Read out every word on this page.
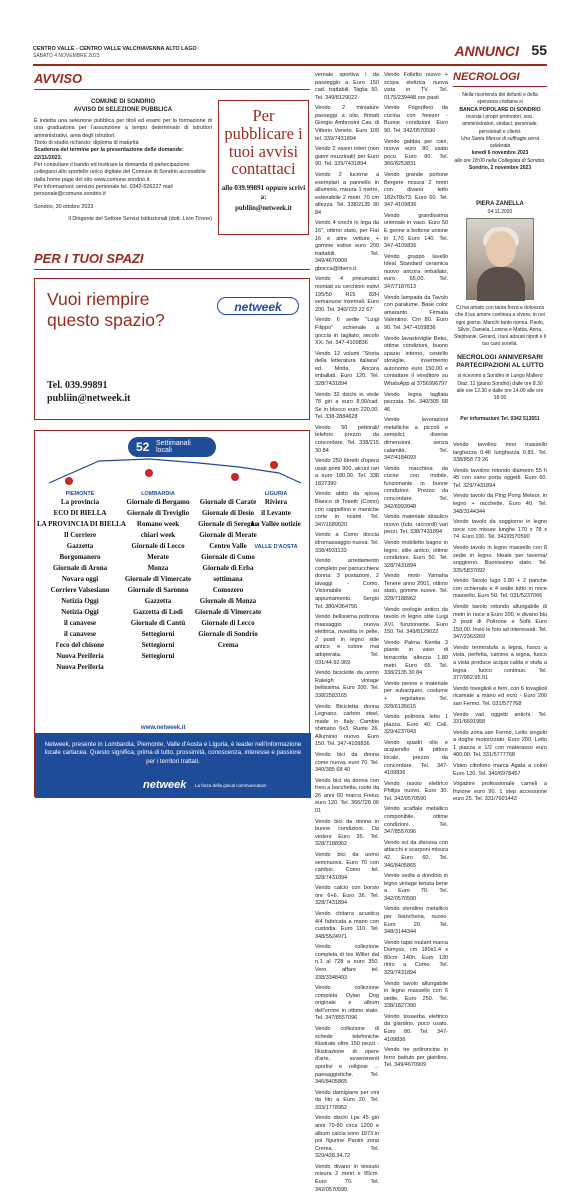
CENTRO VALLE - CENTRO VALLE VALCHIAVENNA ALTO LAGO
SABATO 4 NOVEMBRE 2023	ANNUNCI 55
AVVISO
COMUNE DI SONDRIO
AVVISO DI SELEZIONE PUBBLICA

È indetta una selezione pubblica per titoli ed esami per la formazione di una graduatoria per l'assunzione a tempo determinato di istruttori amministrativi, area degli istruttori.

Titolo di studio richiesto: diploma di maturità
Scadenza del termine per la presentazione delle domande: 22/11/2023.
Per consultare il bando ed inoltrare la domanda di partecipazione collegarsi allo sportello unico digitale del Comune di Sondrio accessibile dalla home page del sito www.comune.sondrio.it
Per informazioni: servizio personale tel. 0342-526227 mail personale@comune.sondrio.it
Sondrio, 30 ottobre 2023
Il Dirigente del Settore Servizi Istituzionali (dott. Livio Tirone)
Per pubblicare i tuoi avvisi contattaci
allo 039.99891 oppure scrivi a:
publiin@netweek.it
PER I TUOI SPAZI
Vuoi riempire questo spazio?
netweek
Tel. 039.99891
publiin@netweek.it
52 Settimanali
locali
PIEMONTE
La provincia
ECO DI BIELLA
LA PROVINCIA DI BIELLA
Il Corriere
Gazzetta
Borgomanero
Giornale di Arona
Novara oggi
Corriere Valsesiano
Notizia Oggi
Notizia Oggi
il canavese
il canavese
l'eco del chisone
Nuova Periferia
Nuova Periferia
LOMBARDIA
Giornale di Bergamo
Giornale di Treviglio
Romano week
chiari week
Giornale di Lecco
Merate
Monza
Giornale di Vimercate
Giornale di Saronno
Gazzetta
Gazzetta di Lodi
Giornale di Cantù
Settegiorni
Settegiorni
Settegiorni

Giornale di Carate
Giornale di Desio
Giornale di Seregno
Giornale di Merate
Centro Valle
Giornale di Como
Giornale di Erba
settimana
Comozero
Giornale di Monza
Giornale di Vimercate
Giornale di Lecco
Giornale di Sondrio
Crema
LIGURIA
Riviera
il Levante
La Vallée notizie
VALLE D'AOSTA
Netweek, presente in Lombardia, Piemonte, Valle d'Aosta e Liguria, è leader nell'informazione locale cartacea. Questo significa, prima di tutto, prossimità, conoscenza, interesse e passione per i territori trattati.
netweek La forza della glocal communication
www.netweek.it

vernale sportiva i da passeggio a Euro 150 cad. trattabili. Taglia 50. Tel. 349/8129022

Vendo 2 miniature passeggi a olio, firmati Giorgio Ambrosini Cav. di Vittorio Veneto. Euro 100 tel. 339/7431894

Vendo 2 vasori interi (non giarni muzzinati) per Euro 90. Tel. 329/7431894

Vendo 2 lucerne a esemplari a pannello in alluminio, misura 1 metro, estensibile 2 metri. 70 cm altezza. Tel. 338/2135 30 84

Vendo 4 crochi in lega da 16", ottimo stato, per Fiat 16 e altre vetture + gomme estive euro 200 trattabili. Tel. 349/4670909 gbocca@libero.it

Vendo 4 pneumatici montati su cerchioni estivi 195/50 R15 82H semanuovi invernali. Euro 200. Tel. 340/723 22 67

Vendo 6 sedie "Luigi Filippo" schienale a goccia in tagliato, secolo XX. Tel. 347-4109836

Vendo 12 volumi "Storia della letteratura italiana" ed. Motta, Ancora imballati. Euro 120. Tel. 328/7431894

Vendo 32 dischi in vinile 78 giri a euro 8,00/cad. Se in blocco euro 220,00. Tel. 338-2884628

Vendo 50 pettorali/ telefoni prezzo da concordare. Tel. 338/215 30 84

Vendo 250 libretti d'opera usati primi 900, alcuni rari a euro 180,00. Tel. 338 1827390

Vendo abito da sposa Bianco di Tosetti (Como) con cappellino e maniche corte in ricami. Tel. 347/1689020

Vendo a Como doccia idromassaggio nuova. Tel. 338/4931133

Vendo arredamento completo per parrucchiere donna: 3 postazioni, 2 lavaggi - Como. Visionabile su appuntamento. Sergio Tel. 380/4364756

Vendo bellissima poltrona massaggio nuova elettrica, rivestita in pelle, 2 posti in legno stile antico e colore mai adoperata. Tel. 031/44.92.969

Vendo biciclette da uomo Raleigh vintage bellissima. Euro 200. Tel. 338/2583165

Vendo Bicicletta donna Legnano, carbon steel, made in Italy. Cambio shimano 6x3. Ruote 26. Alluminio nuovo. Euro 150. Tel. 347-4109836

Vendo bici da donna come nuova, euro 70. Tel. 340/385 68 40

Vendo bici da donna con freni a bacchetta, ruote da 26 anni 60 marca Freius euro 120. Tel. 366/728 06 01

Vendo bici da donna in buone condizioni. Da vedere Euro 35. Tel. 328/7188962

Vendo bici da uomo seminuova. Euro 70 con cambio. Como tel. 328/7431894

Vendo calcio con borsio ore 6+6. Euro 36. Tel. 328/7431894

Vendo chitarra acustica 4/4 fabricata a mano con custodia. Euro 110. Tel. 348/5524971

Vendo collezione completa di tex Willer dal n.1 al 728 a euro 350. Vero affare tel. 338/3348493

Vendo collezione completa Dylan Dog originale e album dell'orrore in ottimo stato. Tel. 347/8557096

Vendo collezione di schede telefoniche illustrate oltre 150 pezzi - Illustrazione di opere d'arte, avvenimenti sportivi e religiosi ... paesaggistiche. Tel. 346/8405865

Vendo damigiane per vini da litri a Euro 20. Tel. 333/1778952

Vendo dischi Lps 45 giri anni 70-80 circa 1200 e album calcia sono 1973 in poi figurine Panini zona Crema. Tel. 329/428.34.72

Vendo divano in tessuto misura 2 metri x 95cm. Euro 70. Tel. 342/0570590

Vendo Folletto nuovo + scopa elettrica nuova vista in TV. Tel. 0175/239448 ore pasti

Vendo Frigorifero da cucina con freezer - Buone condizioni Euro 90. Tel. 342/0570590

Vendo gabbia per cani, nuova euro 80 usato poco. Euro 80. Tel. 366/8253831

Vendo grande portone Bergere misura 2 metri con divano letto 182x78x73. Euro 60. Tel. 347-4109836

Vendo grandissima orientale in vaso. Euro 50 E gonne a bottone unione in 1,70 Euro 140. Tel. 347-4109836

Vendo gruppo lavello Ideal Standard ceramica nuovo ancora imballato, euro 65,00. Tel. 347/7187613

Vendo lampada da Tavolo con paralume. Base color amaranto. Firmata Valentino. Cm 80. Euro 90. Tel. 347-4109836

Vendo lavastoviglie Beko, ottime condizioni, buono spazio interno, cestello stoviglie, insermento autonomo euro 150,00 e contattare il venditore su WhatsApp al 3756996797

Vendo legna tagliata pezzata. Tel. 340/305 68 46

Vendo lavorazioni metalliche a piccoli e semplici, diverse dimensioni, senza calamità. Tel. 347/4184093

Vendo macchina da cucire con mobile, funzionante in buone condizioni. Prezzo da concordare. Tel. 342/6993048

Vendo materiale idraulico nuovo (tubi, raccordi) vari pezzi. Tel. 338/7431894

Vendo mobiletto bagno in legno, stile antico, ottime condizioni. Euro 50. Tel. 328/7431894

Vendo moto Yamaha Tenere anno 2001, ottimo stato, gomme nuove. Tel. 328/7188962

Vendo orologio antico da tavolo in legno stile Luigi XVI, funzionante. Euro 150. Tel. 349/8129022

Vendo Palma Kentia 3 piante in vaso di terracotta altezza 1.80 metri. Euro 65. Tel. 338/2135 30 84

Vendo penne e materiale per subacqueo, costume + regolatore. Tel. 328/6135615

Vendo poltrona letto 1 piazza. Euro 40. Cell. 329/4237043

Vendo quadri olio e acquerello di pittore locale, prezzo da concordare. Tel. 347-4109836

Vendo rasoio elettrico Philips nuovo. Euro 30. Tel. 342/0570590

Vendo scaffale metallico componibile, ottime condizioni. Tel. 347/8557096

Vendo sci da discesa con attacchi e scarponi misura 42. Euro 60. Tel. 346/8405865

Vendo sedia a dondolo in legno vintage tenuta bene a Euro 70. Tel. 342/0570590

Vendo stendino metallico per biancheria, nuovo. Euro 20. Tel. 348/3144344

Vendo tapis roulant marca Domyos, cm 180x1.4 x 80cm 140h. Euro 130 ritiro a Como. Tel. 329/7431894

Vendo tavolo allungabile in legno massello con 6 sedie. Euro 250. Tel. 338/1827390

Vendo tosaerba elettrico da giardino, poco usato. Euro 80. Tel. 347-4109836

Vendo tre poltroncine in ferro battuto per giardino. Tel. 349/4670909

Vendo tavolino moo massello larghezza 0.46 lunghezza 0.83. Tel. 338/858 73 26

Vendo tavolino rotondo diametro 55 h 45 con vano porta oggetti. Euro 60. Tel. 329/7431894

Vendo tavolo da Ping Pong Meteor, in legno + racchette. Euro 40. Tel. 348/3144344

Vendo tavolo da soggiorno in legno noce con misure lunghe 170 x 78 x 74. Euro 100. Tel. 342/0570590

Vendo tavolo in legno massello con 8 sedie in legno. Ideale per taverna/ soggiorno. Buonissimo stato. Tel. 335/5837092

Vendo Tavolo lugo 1.80 + 2 panche con schienale e 4 sedie tutto in noce massello. Euro 50. Tel. 031/5237066

Vendo tavolo rotondo allungabile di metri in noce a Euro 200, e divano blu 2 posti di Poltrone e Sofà Euro 150,00. Invio le foto ad interessati. Tel. 347/2363269

Vendo termostufa a legna, fuoco a vista, perfetta, camino a legna, fuoco a vista produce acqua calda e stufa a legna fuoco continuo. Tel. 377/982.95.91

Vendo toveglioli e ferri, con 6 tovaglioli ricamate a mano ed ecrù - Euro 200 san Fermo. Tel. 031/577768

Vendo vari oggetti antichi. Tel. 331/6691958

Vendo zona san Fermo, Letto singolo a doghe motorizzato. Euro 200. Letto 1 piazza e 1/2 con materasso euro 400,00. Tel. 331/5777768

Video cittofono marca Agata a colori Euro 120. Tel. 340/6978457

Vogatore professionale cameli a frizione euro 90. 1 step accessione euro 25. Tel. 331/7601443

NECROLOGI
Nella ricorrenza dei defunti e della speranza cristiana si
BANCA POPOLARE DI SONDRIO
ricorda i propri promotori, soci, amministratori, sindaci, personale, pensionati e clienti.
Una Santa Messa di suffragio verrà celebrata
lunedì 6 novembre 2023
alle ore 18:00 nella Collegiata di Sondrio.
Sondrio, 2 novembre 2023
PIERA ZANELLA
04.11.2020
Ci hai amato con tanta forza e dolcezza che il tuo amore continua a vivere, in noi ogni giorno. Manchi tanto nonna. Paolo, Silvio, Daniela, Lorena e Mattia, Anna, Stephanie, Gerard, i tuoi adorati nipoti e il tuo caro sorella.
NECROLOGI ANNIVERSARI PARTECIPAZIONI AL LUTTO
si ricevono a Sondrio in Lungo Mallero Diaz, 11 (piano Sondrio) dalle ore 8.30 alle ore 12.30 e dalle ore 14.00 alle ore 18.00
Per informazioni Tel. 0342 513551
